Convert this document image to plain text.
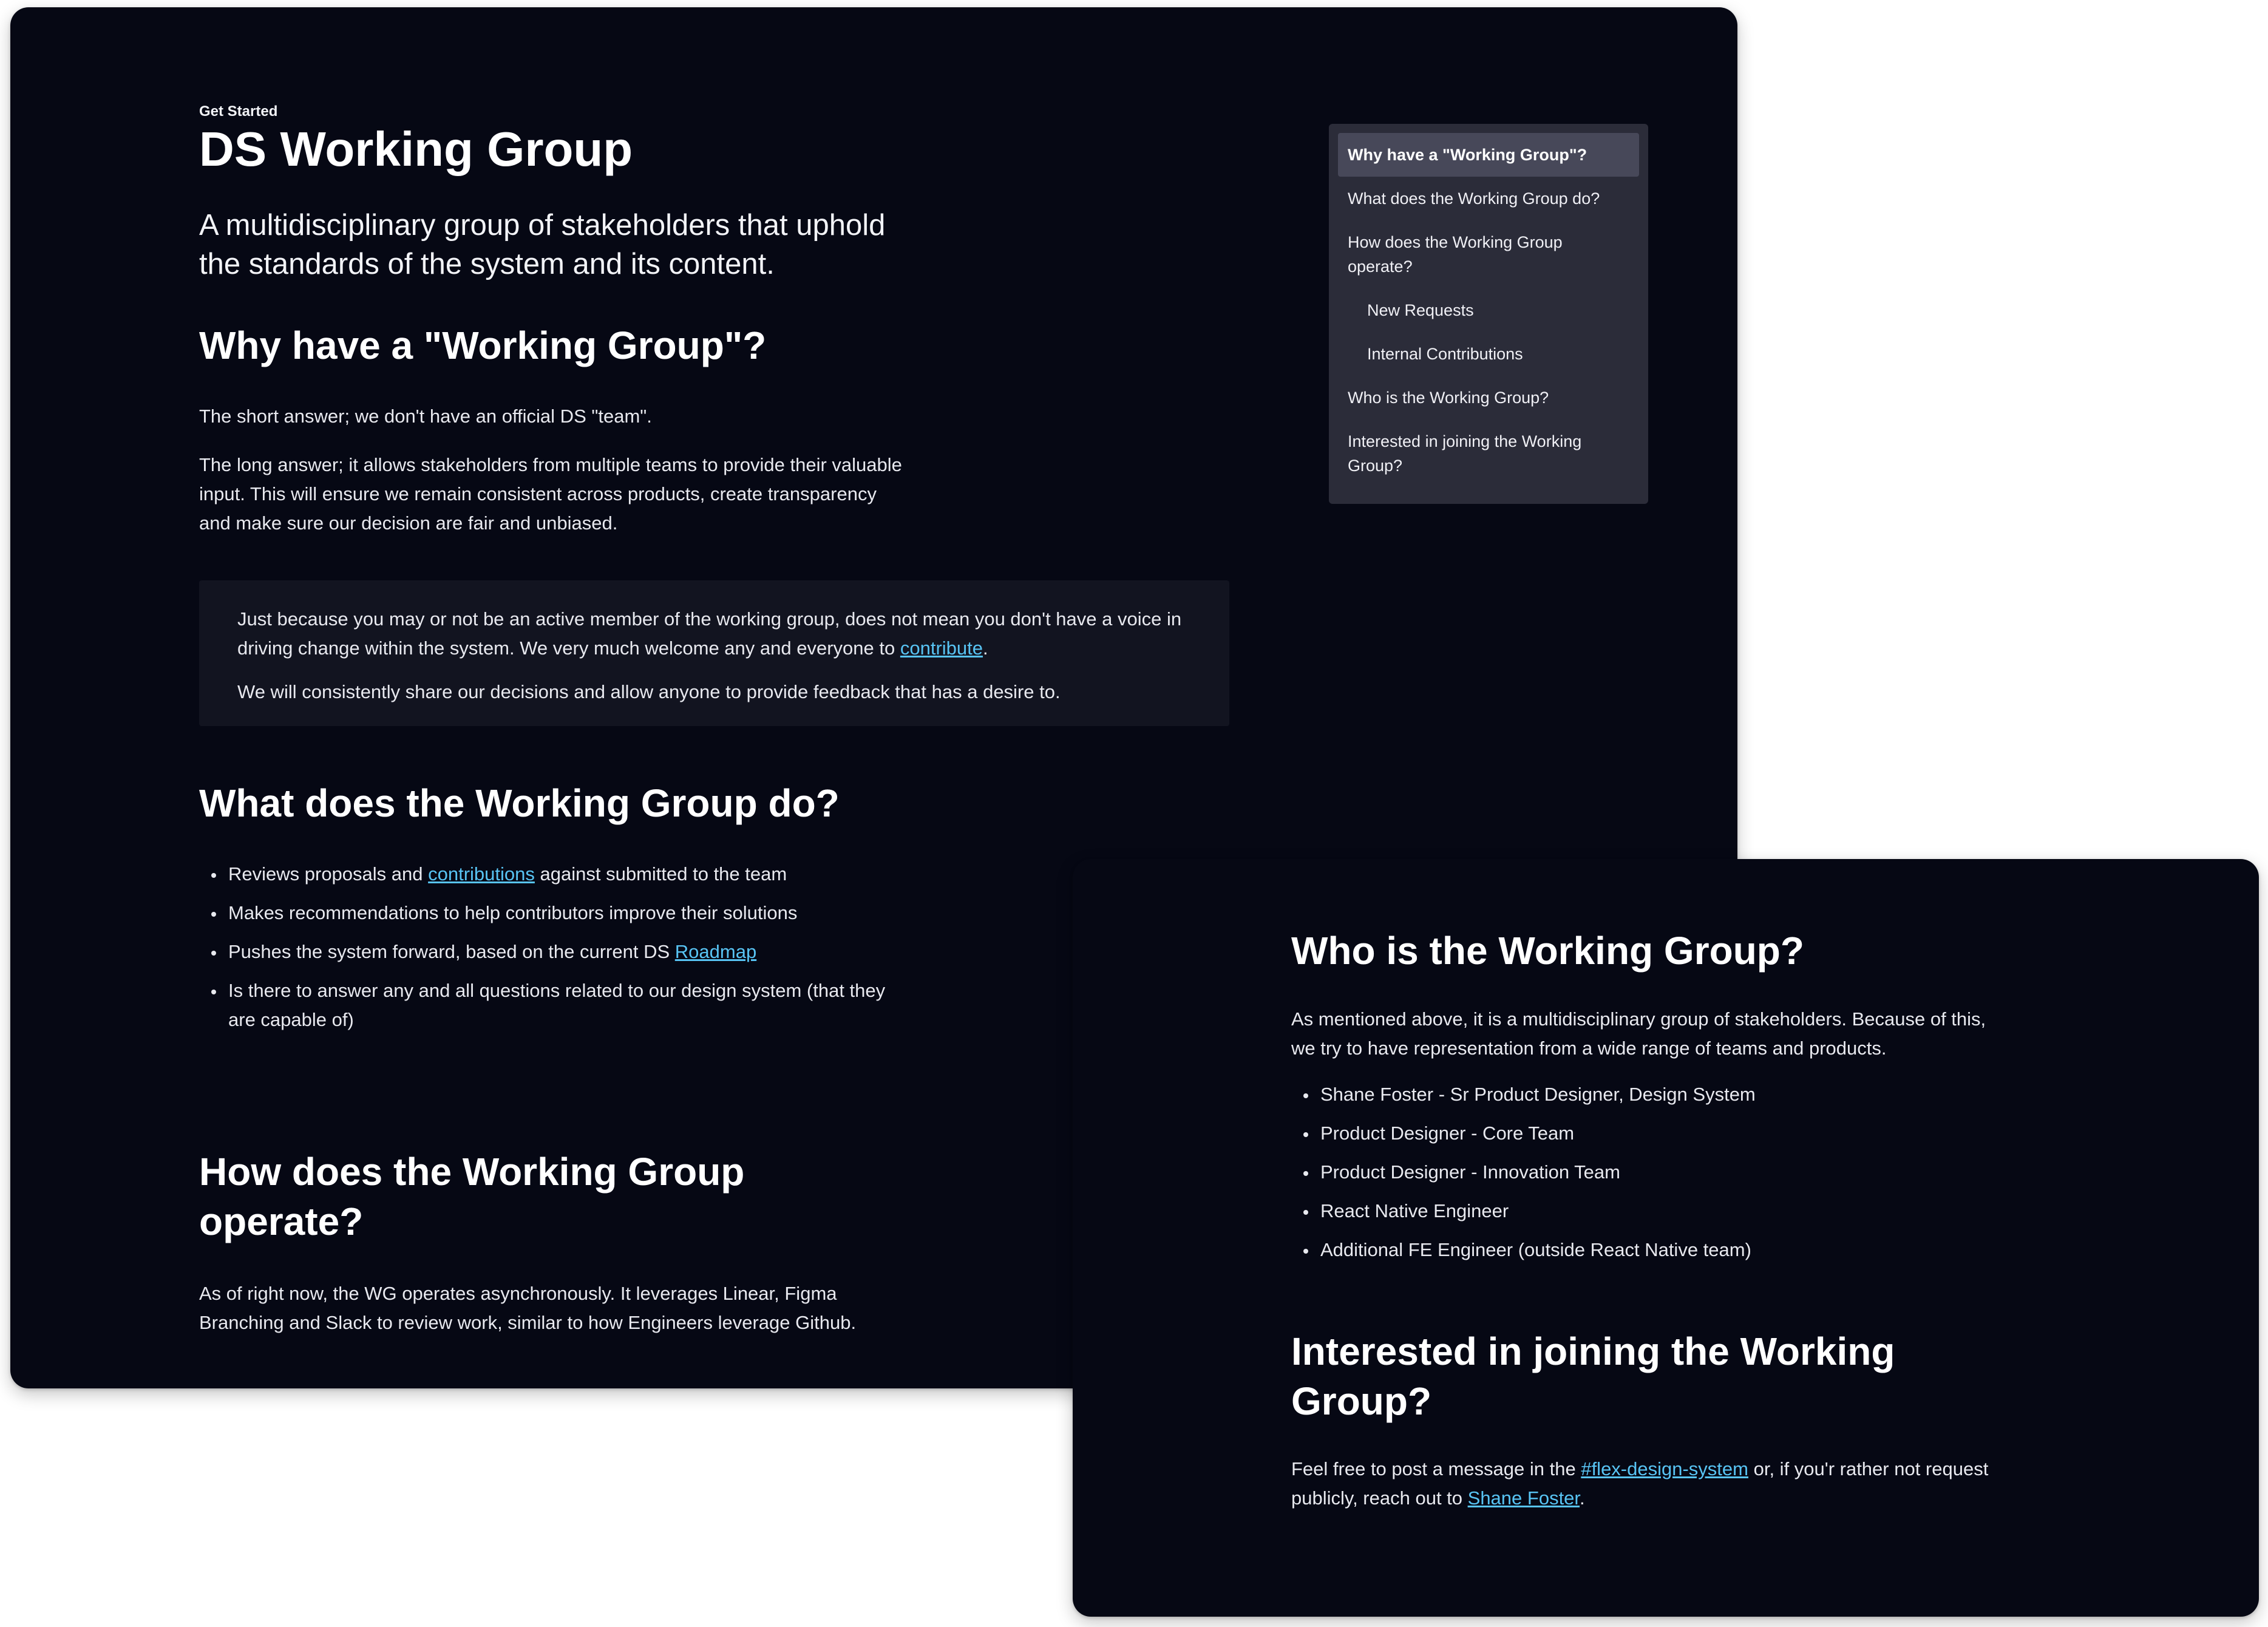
Get Started
DS Working Group
A multidisciplinary group of stakeholders that uphold the standards of the system and its content.
Why have a "Working Group"?
The short answer; we don't have an official DS "team".
The long answer; it allows stakeholders from multiple teams to provide their valuable input. This will ensure we remain consistent across products, create transparency and make sure our decision are fair and unbiased.
Just because you may or not be an active member of the working group, does not mean you don't have a voice in driving change within the system. We very much welcome any and everyone to contribute.
We will consistently share our decisions and allow anyone to provide feedback that has a desire to.
What does the Working Group do?
Reviews proposals and contributions against submitted to the team
Makes recommendations to help contributors improve their solutions
Pushes the system forward, based on the current DS Roadmap
Is there to answer any and all questions related to our design system (that they are capable of)
How does the Working Group operate?
As of right now, the WG operates asynchronously. It leverages Linear, Figma Branching and Slack to review work, similar to how Engineers leverage Github.
Why have a "Working Group"?
What does the Working Group do?
How does the Working Group operate?
New Requests
Internal Contributions
Who is the Working Group?
Interested in joining the Working Group?
Who is the Working Group?
As mentioned above, it is a multidisciplinary group of stakeholders. Because of this, we try to have representation from a wide range of teams and products.
Shane Foster - Sr Product Designer, Design System
Product Designer - Core Team
Product Designer - Innovation Team
React Native Engineer
Additional FE Engineer (outside React Native team)
Interested in joining the Working Group?
Feel free to post a message in the #flex-design-system or, if you'r rather not request publicly, reach out to Shane Foster.
